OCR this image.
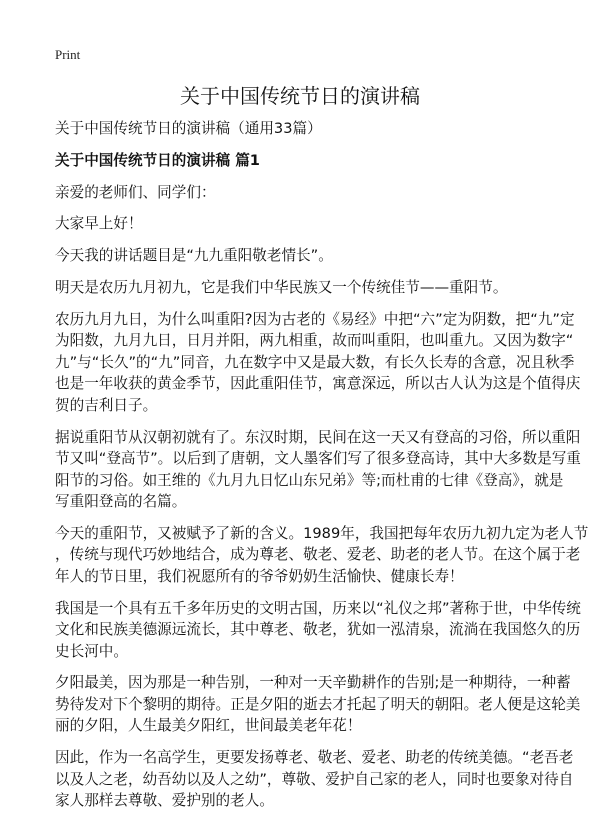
Print
关于中国传统节日的演讲稿

关于中国传统节日的演讲稿（通用33篇）

关于中国传统节日的演讲稿 篇1

亲爱的老师们、同学们：

大家早上好！

今天我的讲话题目是“九九重阳敬老情长”。

明天是农历九月初九，它是我们中华民族又一个传统佳节——重阳节。

农历九月九日，为什么叫重阳?因为古老的《易经》中把“六”定为阴数，把“九”定
为阳数，九月九日，日月并阳，两九相重，故而叫重阳，也叫重九。又因为数字“
九”与“长久”的“九”同音，九在数字中又是最大数，有长久长寿的含意，况且秋季
也是一年收获的黄金季节，因此重阳佳节，寓意深远，所以古人认为这是个值得庆
贺的吉利日子。

据说重阳节从汉朝初就有了。东汉时期，民间在这一天又有登高的习俗，所以重阳
节又叫“登高节”。以后到了唐朝，文人墨客们写了很多登高诗，其中大多数是写重
阳节的习俗。如王维的《九月九日忆山东兄弟》等;而杜甫的七律《登高》，就是
写重阳登高的名篇。

今天的重阳节，又被赋予了新的含义。1989年，我国把每年农历九初九定为老人节
，传统与现代巧妙地结合，成为尊老、敬老、爱老、助老的老人节。在这个属于老
年人的节日里，我们祝愿所有的爷爷奶奶生活愉快、健康长寿！

我国是一个具有五千多年历史的文明古国，历来以“礼仪之邦”著称于世，中华传统
文化和民族美德源远流长，其中尊老、敬老，犹如一泓清泉，流淌在我国悠久的历
史长河中。

夕阳最美，因为那是一种告别，一种对一天辛勤耕作的告别;是一种期待，一种蓄
势待发对下个黎明的期待。正是夕阳的逝去才托起了明天的朝阳。老人便是这轮美
丽的夕阳，人生最美夕阳红，世间最美老年花！

因此，作为一名高学生，更要发扬尊老、敬老、爱老、助老的传统美德。“老吾老
以及人之老，幼吾幼以及人之幼”，尊敬、爱护自己家的老人，同时也要象对待自
家人那样去尊敬、爱护别的老人。
